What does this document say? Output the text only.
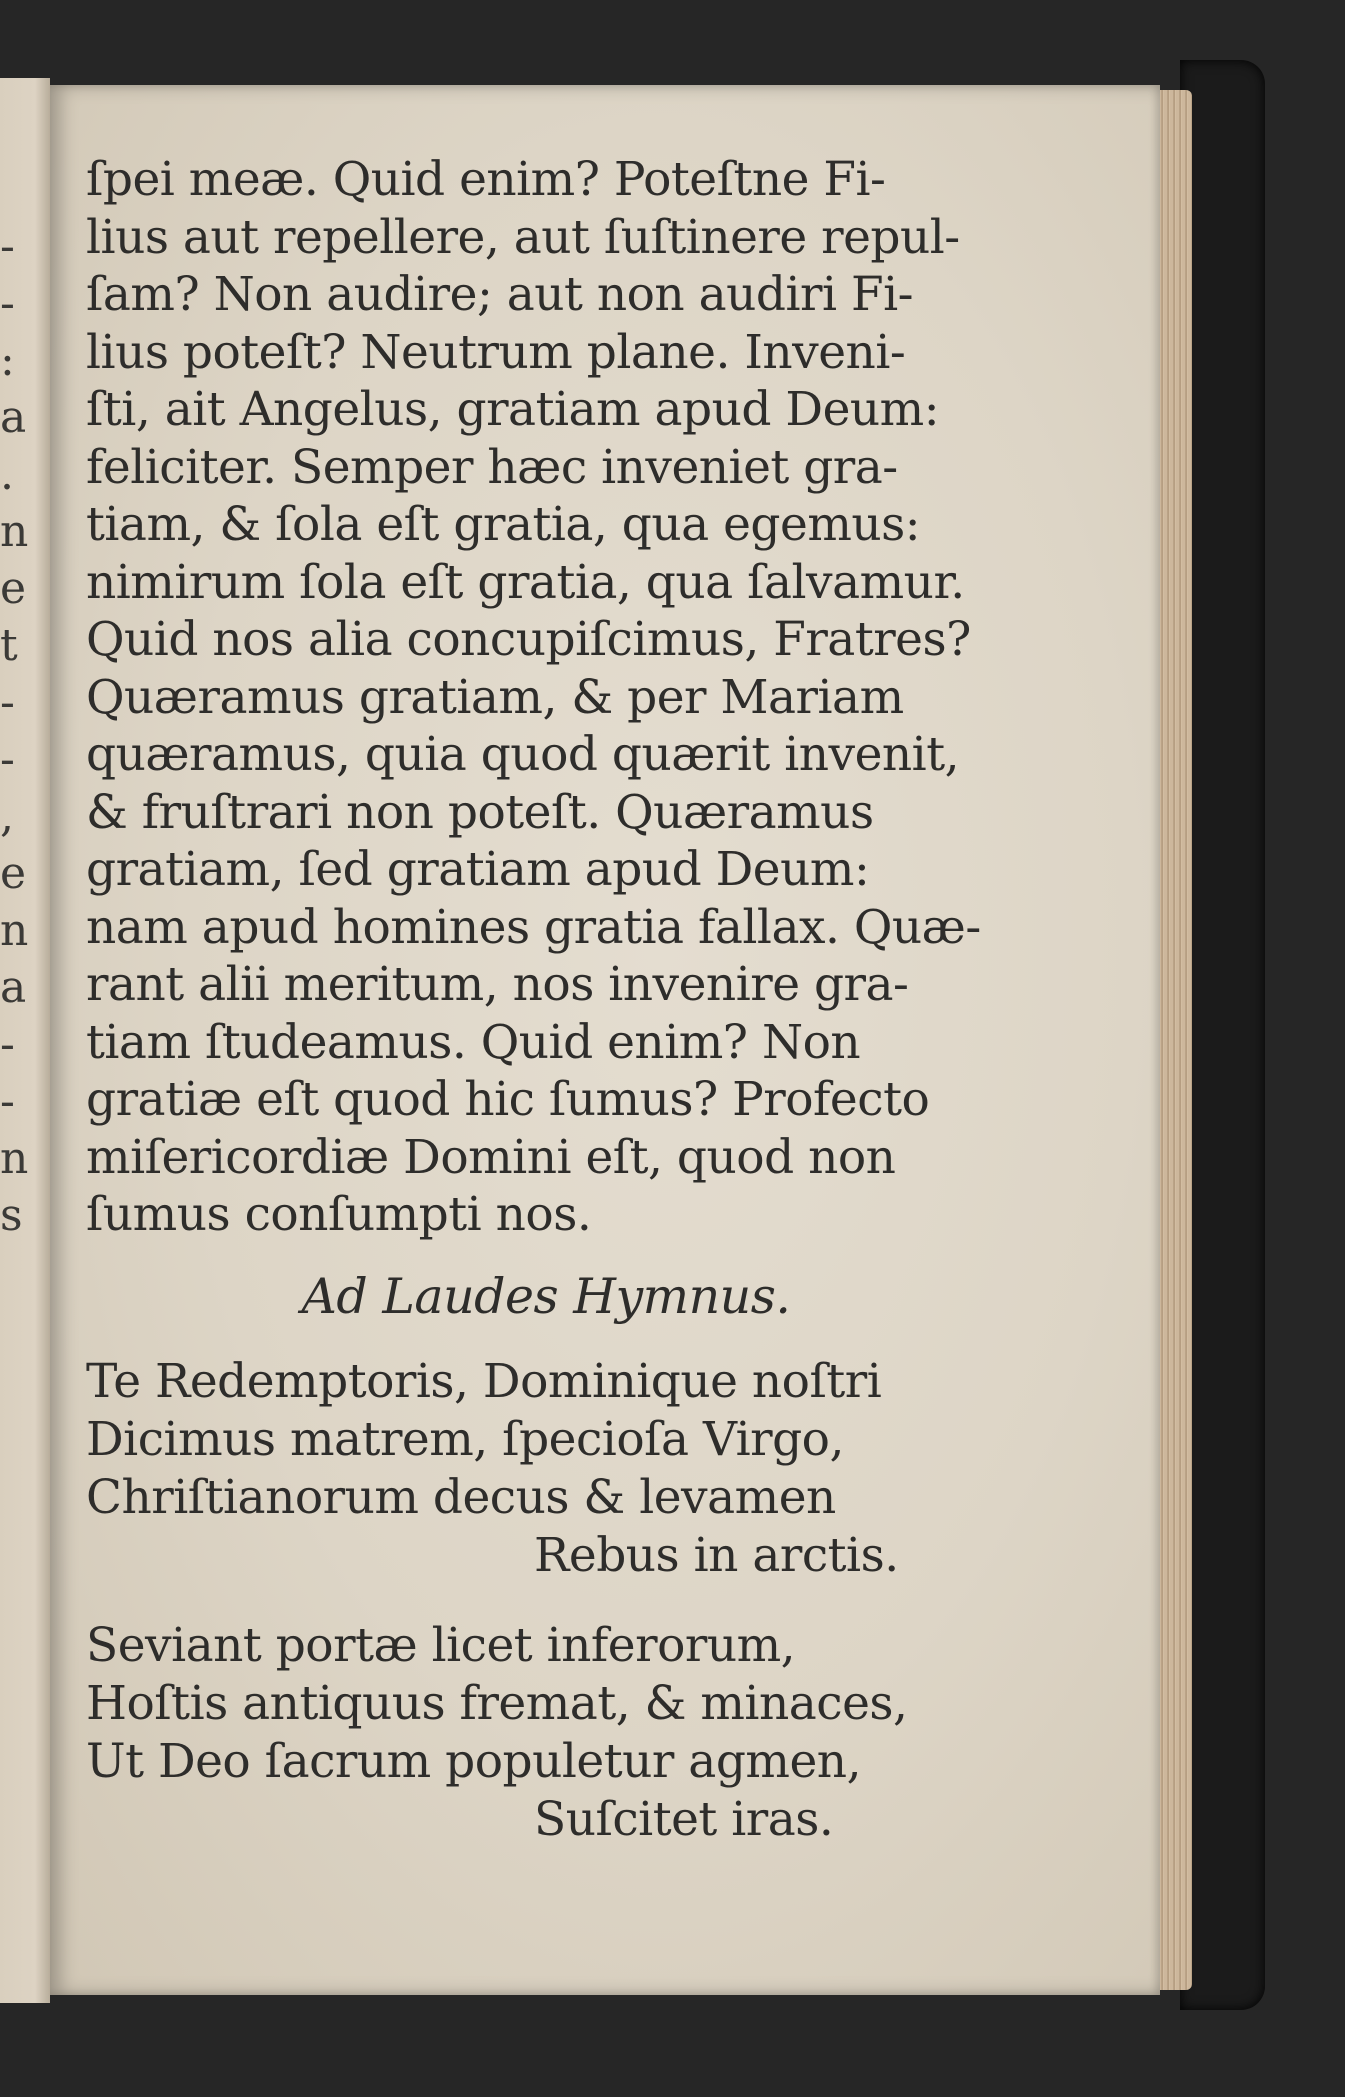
-
-
:
a
.
n
e
t
-
-
,
e
n
a
-
-
n
s
ſpei meæ. Quid enim? Poteſtne Fi-
lius aut repellere, aut ſuſtinere repul-
ſam? Non audire; aut non audiri Fi-
lius poteſt? Neutrum plane. Inveni-
ſti, ait Angelus, gratiam apud Deum:
feliciter. Semper hæc inveniet gra-
tiam, & ſola eſt gratia, qua egemus:
nimirum ſola eſt gratia, qua ſalvamur.
Quid nos alia concupiſcimus, Fratres?
Quæramus gratiam, & per Mariam
quæramus, quia quod quærit invenit,
& fruſtrari non poteſt. Quæramus
gratiam, ſed gratiam apud Deum:
nam apud homines gratia fallax. Quæ-
rant alii meritum, nos invenire gra-
tiam ſtudeamus. Quid enim? Non
gratiæ eſt quod hic ſumus? Profecto
miſericordiæ Domini eſt, quod non
ſumus conſumpti nos.
Ad Laudes Hymnus.
Te Redemptoris, Dominique noſtri
Dicimus matrem, ſpecioſa Virgo,
Chriſtianorum decus & levamen
Rebus in arctis.
Seviant portæ licet inferorum,
Hoſtis antiquus fremat, & minaces,
Ut Deo ſacrum populetur agmen,
Suſcitet iras.
